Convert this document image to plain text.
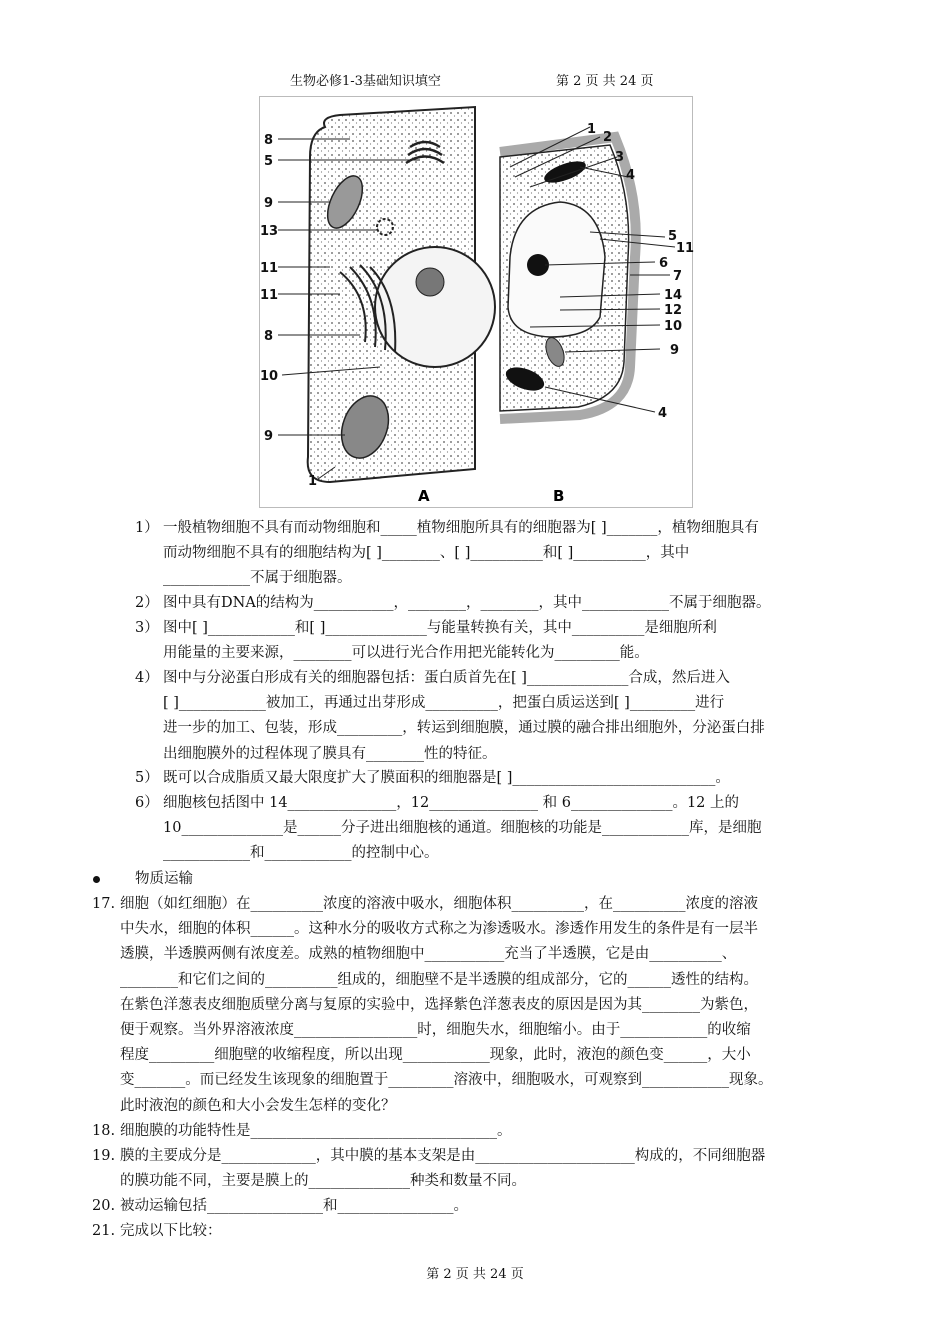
生物必修1-3基础知识填空	第 2 页 共 24 页
8
5
9
13
11
11
8
10
9
1
1
2
3
4
5
11
6
7
14
12
10
9
4
A	B
1） 一般植物细胞不具有而动物细胞和_____植物细胞所具有的细胞器为[ ]_______，植物细胞具有
而动物细胞不具有的细胞结构为[ ]________、[ ]__________和[ ]__________，其中
____________不属于细胞器。
2） 图中具有DNA的结构为___________，________，________，其中____________不属于细胞器。
3） 图中[ ]____________和[ ]______________与能量转换有关，其中__________是细胞所利
用能量的主要来源，________可以进行光合作用把光能转化为_________能。
4） 图中与分泌蛋白形成有关的细胞器包括：蛋白质首先在[ ]______________合成，然后进入
[ ]____________被加工，再通过出芽形成__________，把蛋白质运送到[ ]_________进行
进一步的加工、包装，形成_________，转运到细胞膜，通过膜的融合排出细胞外，分泌蛋白排
出细胞膜外的过程体现了膜具有________性的特征。
5） 既可以合成脂质又最大限度扩大了膜面积的细胞器是[ ]____________________________。
6） 细胞核包括图中 14_______________，12_______________ 和 6______________。12 上的
10______________是______分子进出细胞核的通道。细胞核的功能是____________库，是细胞
____________和____________的控制中心。
物质运输
17. 细胞（如红细胞）在__________浓度的溶液中吸水，细胞体积__________，在__________浓度的溶液
中失水，细胞的体积______。这种水分的吸收方式称之为渗透吸水。渗透作用发生的条件是有一层半
透膜，半透膜两侧有浓度差。成熟的植物细胞中___________充当了半透膜，它是由__________、
________和它们之间的__________组成的，细胞壁不是半透膜的组成部分，它的______透性的结构。
在紫色洋葱表皮细胞质壁分离与复原的实验中，选择紫色洋葱表皮的原因是因为其________为紫色，
便于观察。当外界溶液浓度_________________时，细胞失水，细胞缩小。由于____________的收缩
程度_________细胞壁的收缩程度，所以出现____________现象，此时，液泡的颜色变______，大小
变_______。而已经发生该现象的细胞置于_________溶液中，细胞吸水，可观察到____________现象。
此时液泡的颜色和大小会发生怎样的变化？
18. 细胞膜的功能特性是__________________________________。
19. 膜的主要成分是_____________，其中膜的基本支架是由______________________构成的，不同细胞器
的膜功能不同，主要是膜上的______________种类和数量不同。
20. 被动运输包括________________和________________。
21. 完成以下比较：
第 2 页 共 24 页
